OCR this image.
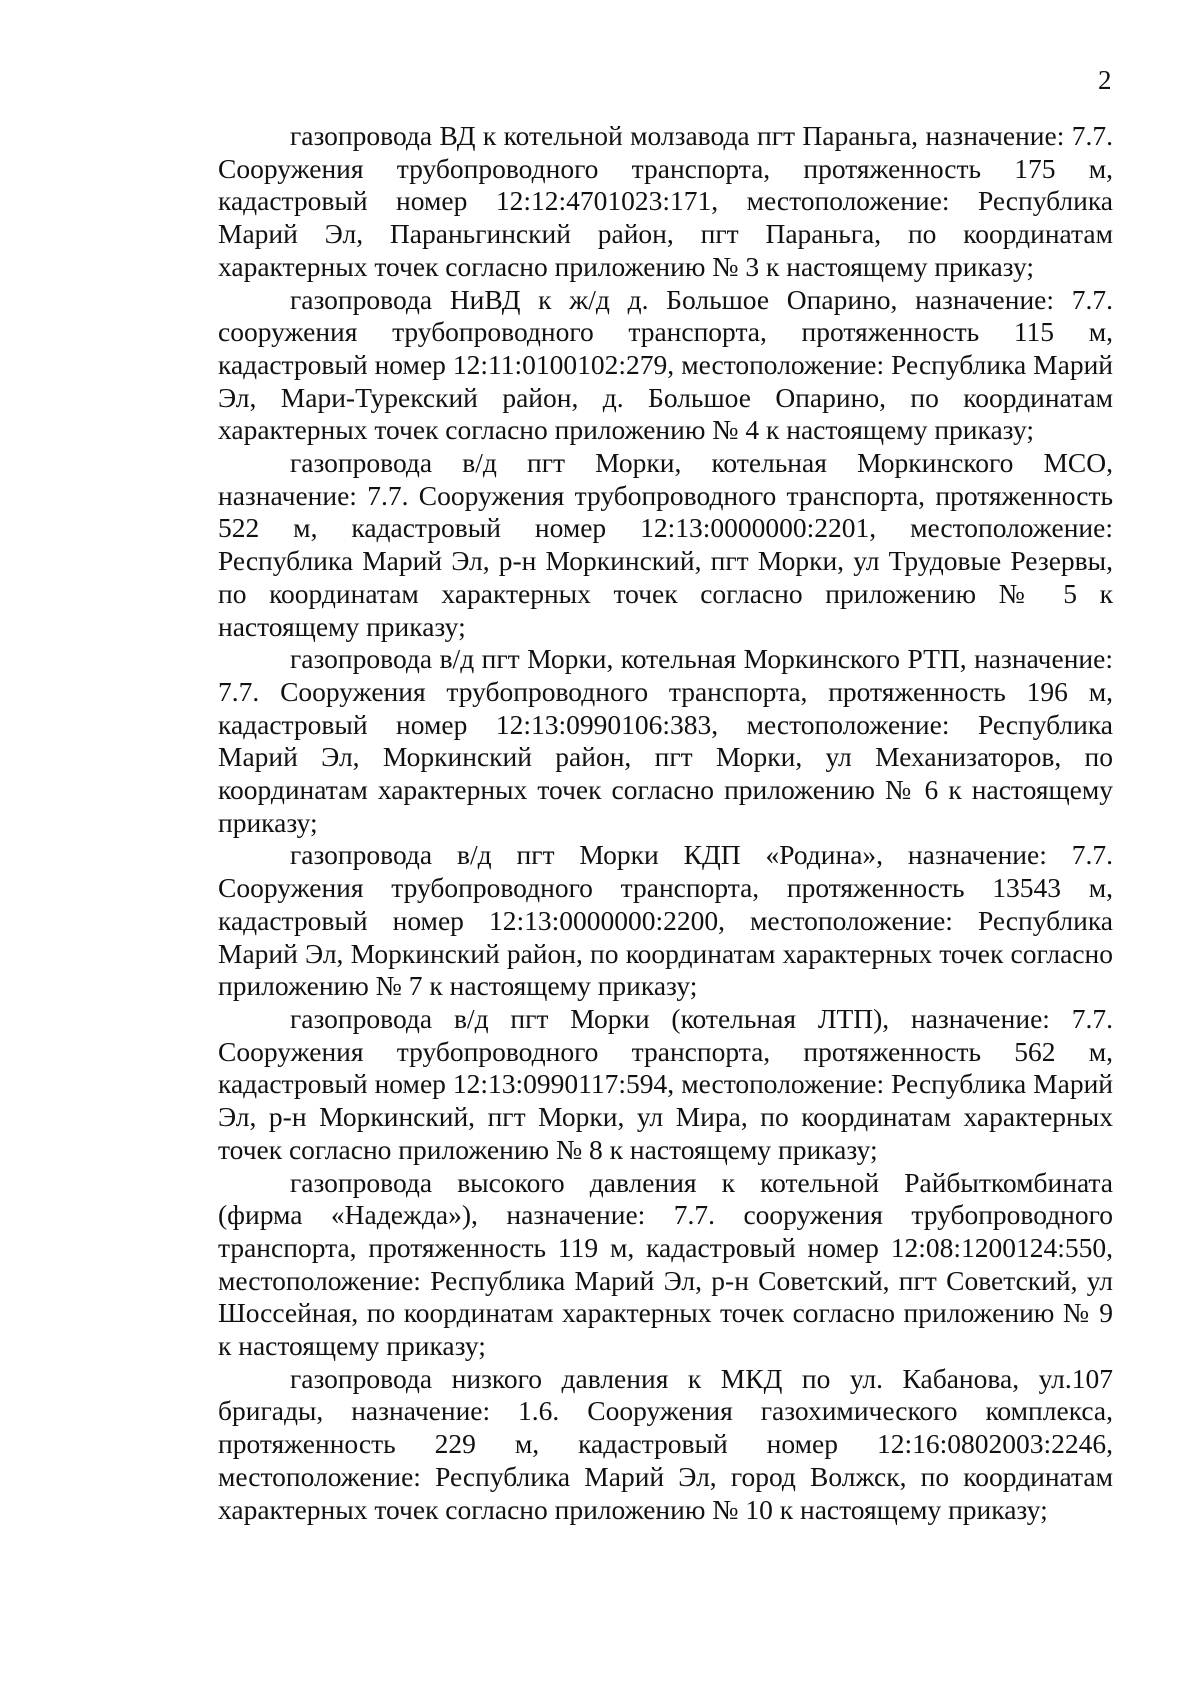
2

газопровода ВД к котельной молзавода пгт Параньга, назначение: 7.7. Сооружения трубопроводного транспорта, протяженность 175 м, кадастровый номер 12:12:4701023:171, местоположение: Республика Марий Эл, Параньгинский район, пгт Параньга, по координатам характерных точек согласно приложению № 3 к настоящему приказу;

газопровода НиВД к ж/д д. Большое Опарино, назначение: 7.7. сооружения трубопроводного транспорта, протяженность 115 м, кадастровый номер 12:11:0100102:279, местоположение: Республика Марий Эл, Мари-Турекский район, д. Большое Опарино, по координатам характерных точек согласно приложению № 4 к настоящему приказу;

газопровода в/д пгт Морки, котельная Моркинского МСО, назначение: 7.7. Сооружения трубопроводного транспорта, протяженность 522 м, кадастровый номер 12:13:0000000:2201, местоположение: Республика Марий Эл, р-н Моркинский, пгт Морки, ул Трудовые Резервы, по координатам характерных точек согласно приложению № 5 к настоящему приказу;

газопровода в/д пгт Морки, котельная Моркинского РТП, назначение: 7.7. Сооружения трубопроводного транспорта, протяженность 196 м, кадастровый номер 12:13:0990106:383, местоположение: Республика Марий Эл, Моркинский район, пгт Морки, ул Механизаторов, по координатам характерных точек согласно приложению № 6 к настоящему приказу;

газопровода в/д пгт Морки КДП «Родина», назначение: 7.7. Сооружения трубопроводного транспорта, протяженность 13543 м, кадастровый номер 12:13:0000000:2200, местоположение: Республика Марий Эл, Моркинский район, по координатам характерных точек согласно приложению № 7 к настоящему приказу;

газопровода в/д пгт Морки (котельная ЛТП), назначение: 7.7. Сооружения трубопроводного транспорта, протяженность 562 м, кадастровый номер 12:13:0990117:594, местоположение: Республика Марий Эл, р-н Моркинский, пгт Морки, ул Мира, по координатам характерных точек согласно приложению № 8 к настоящему приказу;

газопровода высокого давления к котельной Райбыткомбината (фирма «Надежда»), назначение: 7.7. сооружения трубопроводного транспорта, протяженность 119 м, кадастровый номер 12:08:1200124:550, местоположение: Республика Марий Эл, р-н Советский, пгт Советский, ул Шоссейная, по координатам характерных точек согласно приложению № 9 к настоящему приказу;

газопровода низкого давления к МКД по ул. Кабанова, ул.107 бригады, назначение: 1.6. Сооружения газохимического комплекса, протяженность 229 м, кадастровый номер 12:16:0802003:2246, местоположение: Республика Марий Эл, город Волжск, по координатам характерных точек согласно приложению № 10 к настоящему приказу;
